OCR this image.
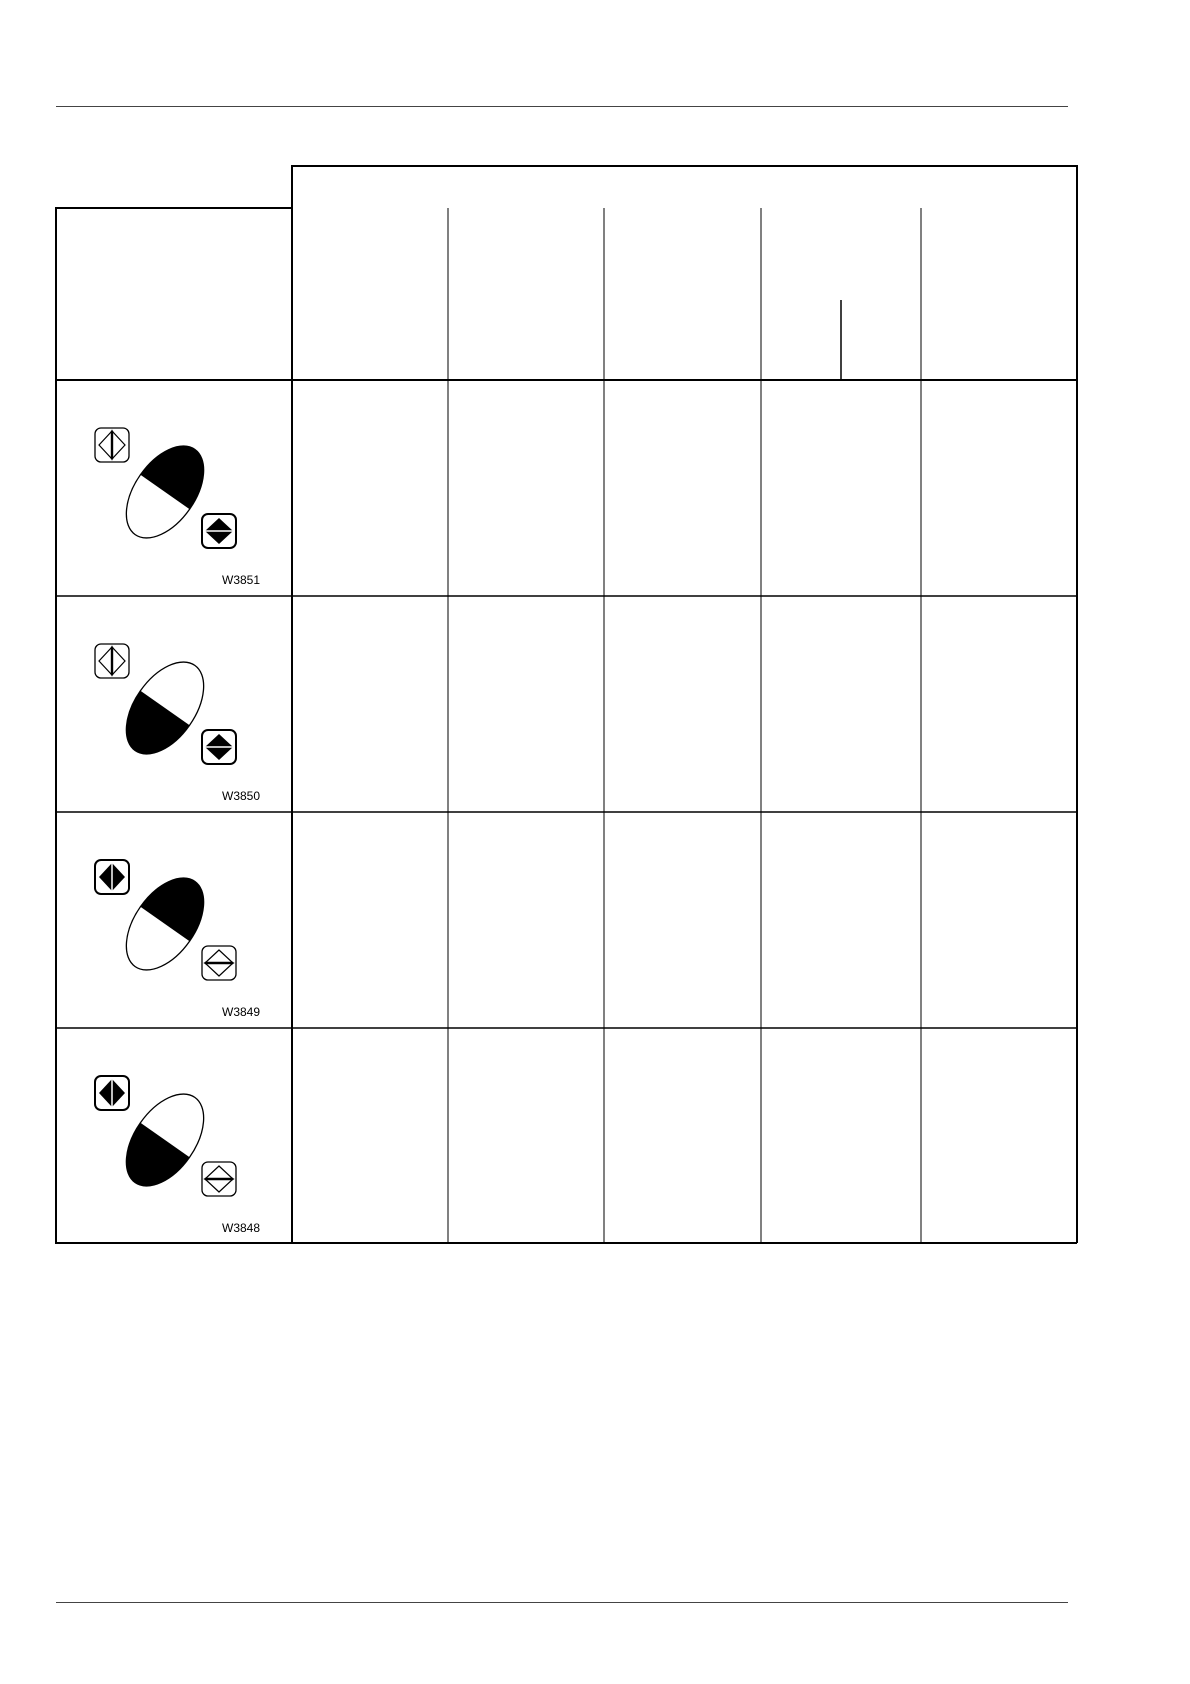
W3851
W3850
W3849
W3848
